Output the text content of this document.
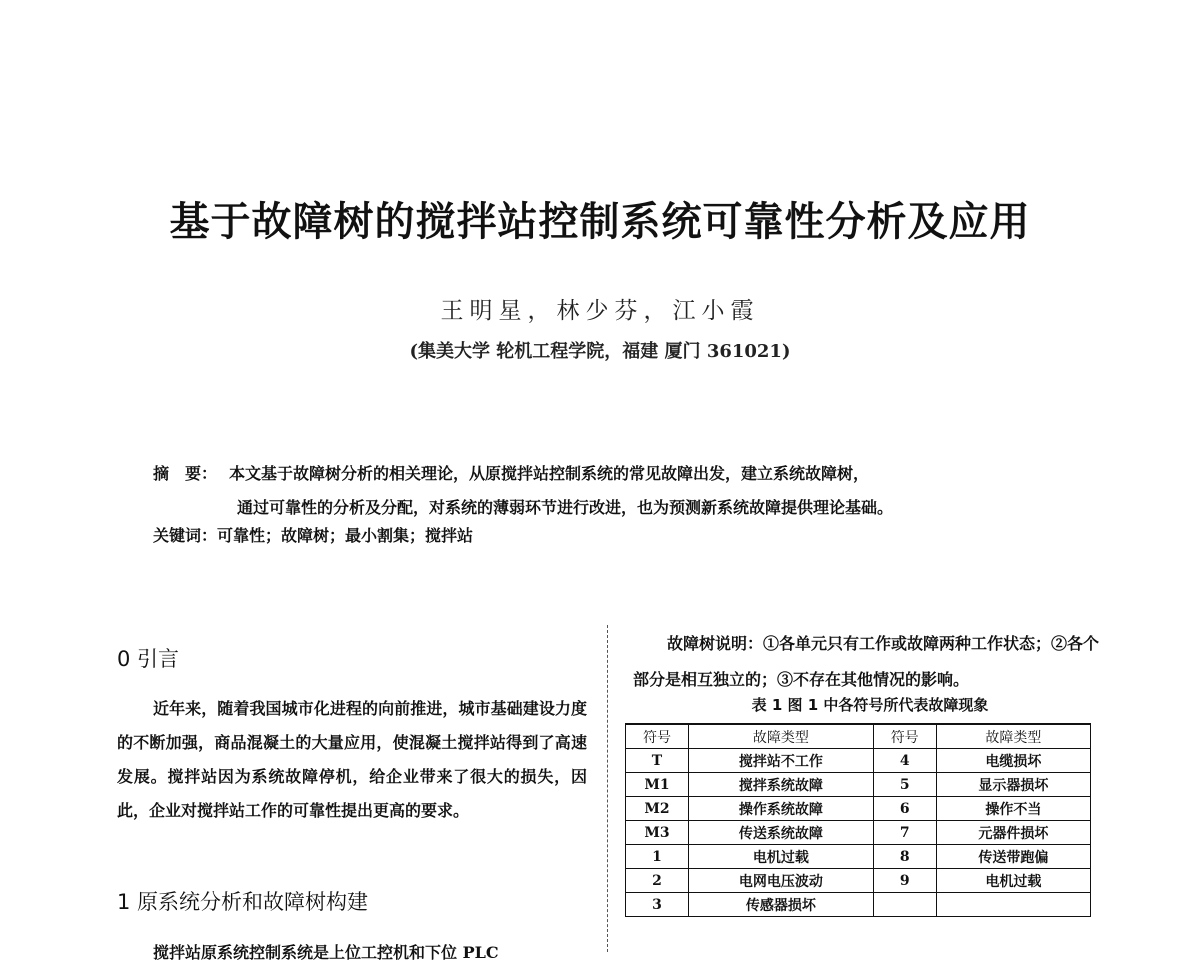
基于故障树的搅拌站控制系统可靠性分析及应用
王明星，林少芬，江小霞
(集美大学 轮机工程学院，福建 厦门 361021)
摘　要： 本文基于故障树分析的相关理论，从原搅拌站控制系统的常见故障出发，建立系统故障树，
通过可靠性的分析及分配，对系统的薄弱环节进行改进，也为预测新系统故障提供理论基础。
关键词：可靠性；故障树；最小割集；搅拌站
0 引言
近年来，随着我国城市化进程的向前推进，城市基础建设力度的不断加强，商品混凝土的大量应用，使混凝土搅拌站得到了高速发展。搅拌站因为系统故障停机，给企业带来了很大的损失，因此，企业对搅拌站工作的可靠性提出更高的要求。
1 原系统分析和故障树构建
搅拌站原系统控制系统是上位工控机和下位 PLC
故障树说明：①各单元只有工作或故障两种工作状态；②各个部分是相互独立的；③不存在其他情况的影响。
表 1 图 1 中各符号所代表故障现象
符号	故障类型	符号	故障类型
T	搅拌站不工作	4	电缆损坏
M1	搅拌系统故障	5	显示器损坏
M2	操作系统故障	6	操作不当
M3	传送系统故障	7	元器件损坏
1	电机过载	8	传送带跑偏
2	电网电压波动	9	电机过载
3	传感器损坏		
